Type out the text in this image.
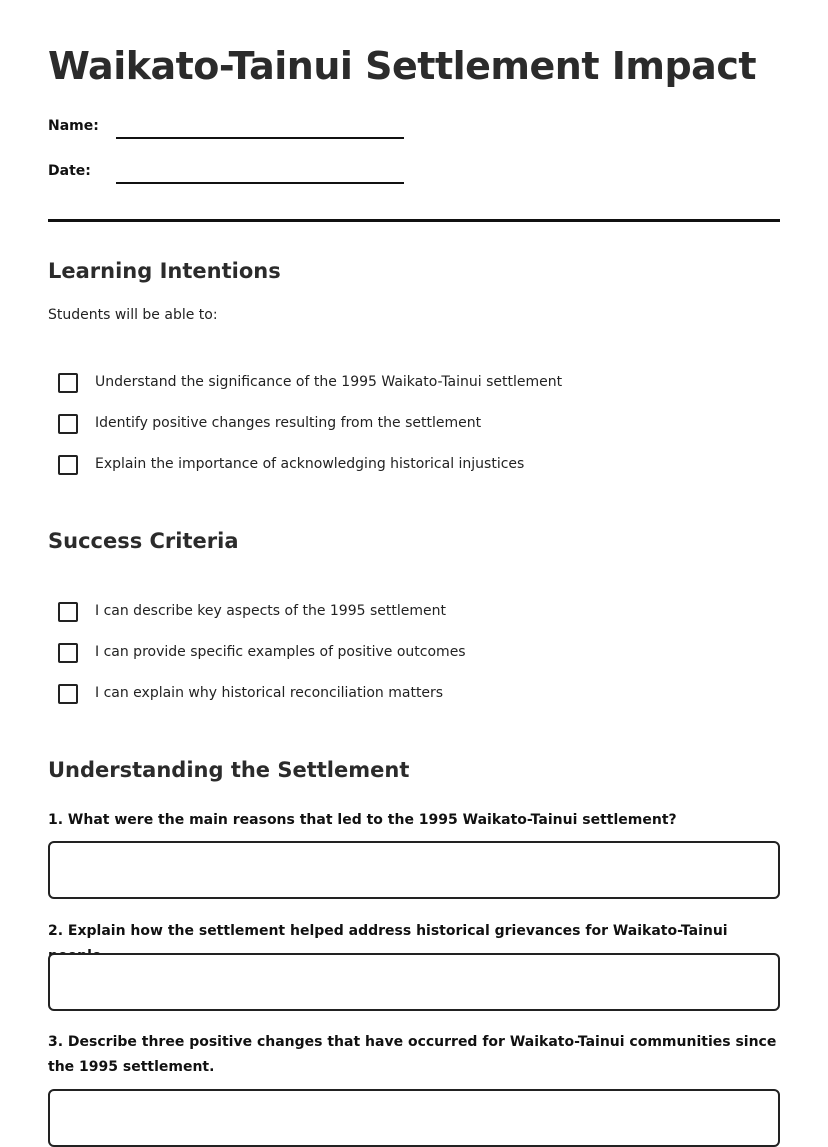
Waikato-Tainui Settlement Impact
Name:
Date:
Learning Intentions
Students will be able to:
Understand the significance of the 1995 Waikato-Tainui settlement
Identify positive changes resulting from the settlement
Explain the importance of acknowledging historical injustices
Success Criteria
I can describe key aspects of the 1995 settlement
I can provide specific examples of positive outcomes
I can explain why historical reconciliation matters
Understanding the Settlement
1. What were the main reasons that led to the 1995 Waikato-Tainui settlement?
2. Explain how the settlement helped address historical grievances for Waikato-Tainui
3. Describe three positive changes that have occurred for Waikato-Tainui communities since the 1995 settlement.
